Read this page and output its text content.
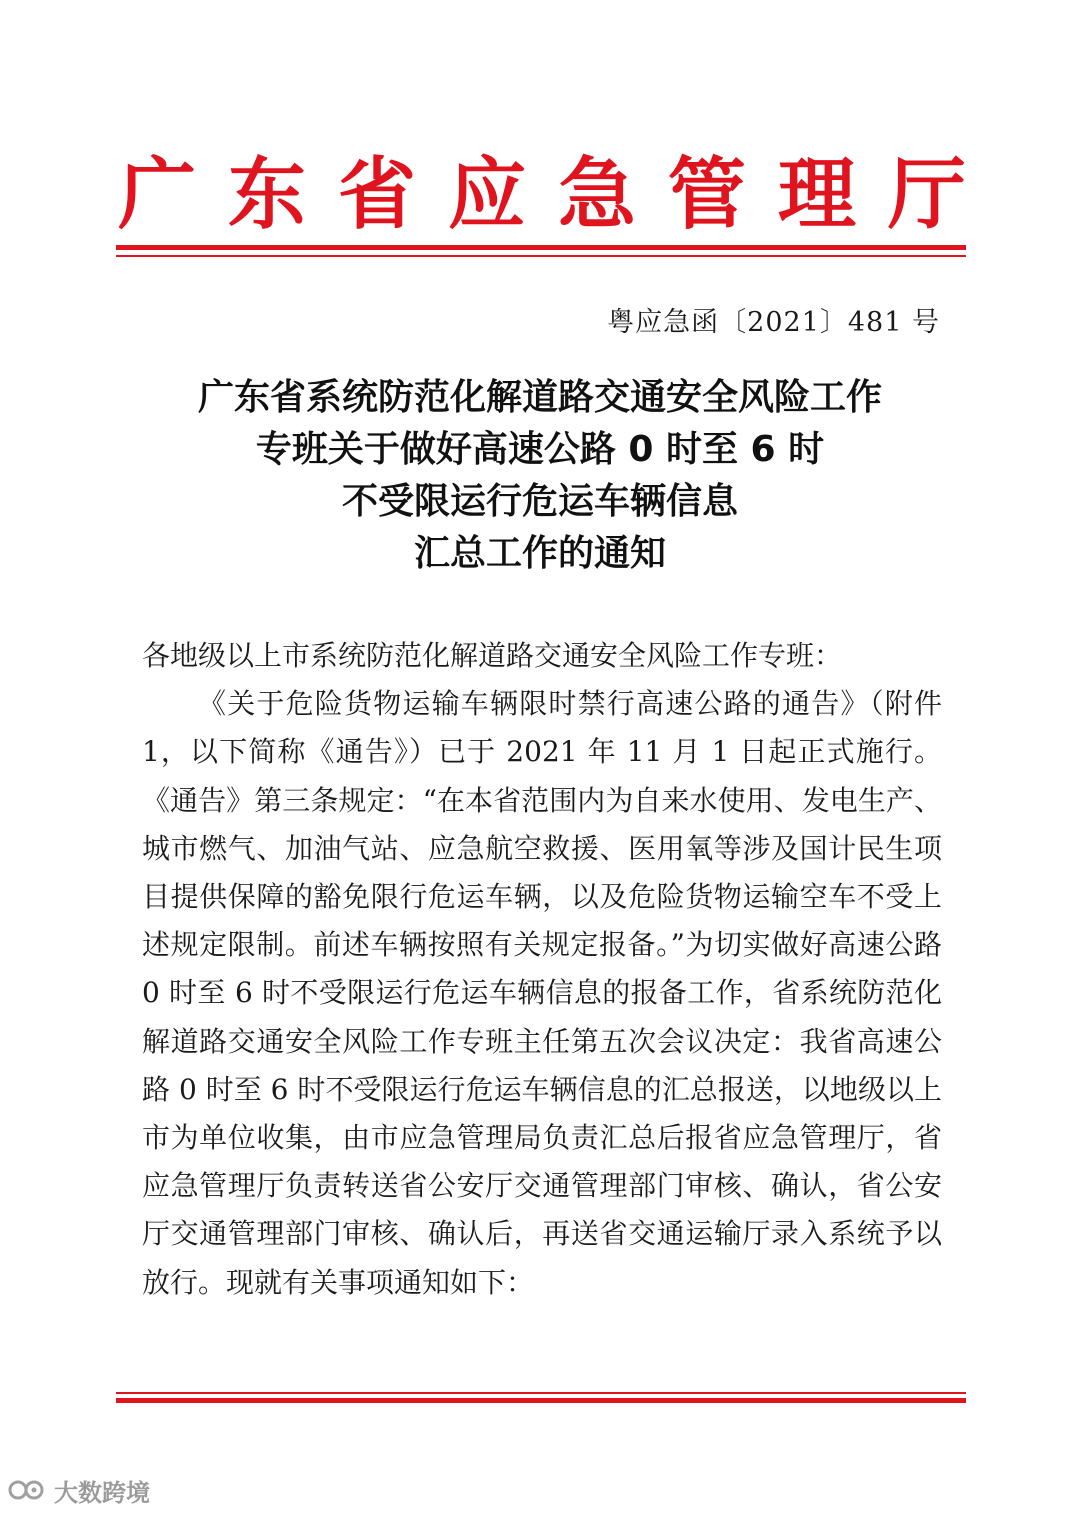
广 东 省 应 急 管 理 厅
粤应急函〔2021〕481 号
广东省系统防范化解道路交通安全风险工作
专班关于做好高速公路 0 时至 6 时
不受限运行危运车辆信息
汇总工作的通知

各地级以上市系统防范化解道路交通安全风险工作专班：

《关于危险货物运输车辆限时禁行高速公路的通告》（附件 1，以下简称《通告》）已于 2021 年 11 月 1 日起正式施行。《通告》第三条规定：“在本省范围内为自来水使用、发电生产、城市燃气、加油气站、应急航空救援、医用氧等涉及国计民生项目提供保障的豁免限行危运车辆，以及危险货物运输空车不受上述规定限制。前述车辆按照有关规定报备。”为切实做好高速公路 0 时至 6 时不受限运行危运车辆信息的报备工作，省系统防范化解道路交通安全风险工作专班主任第五次会议决定：我省高速公路 0 时至 6 时不受限运行危运车辆信息的汇总报送，以地级以上市为单位收集，由市应急管理局负责汇总后报省应急管理厅，省应急管理厅负责转送省公安厅交通管理部门审核、确认，省公安厅交通管理部门审核、确认后，再送省交通运输厅录入系统予以放行。现就有关事项通知如下：

大数跨境
